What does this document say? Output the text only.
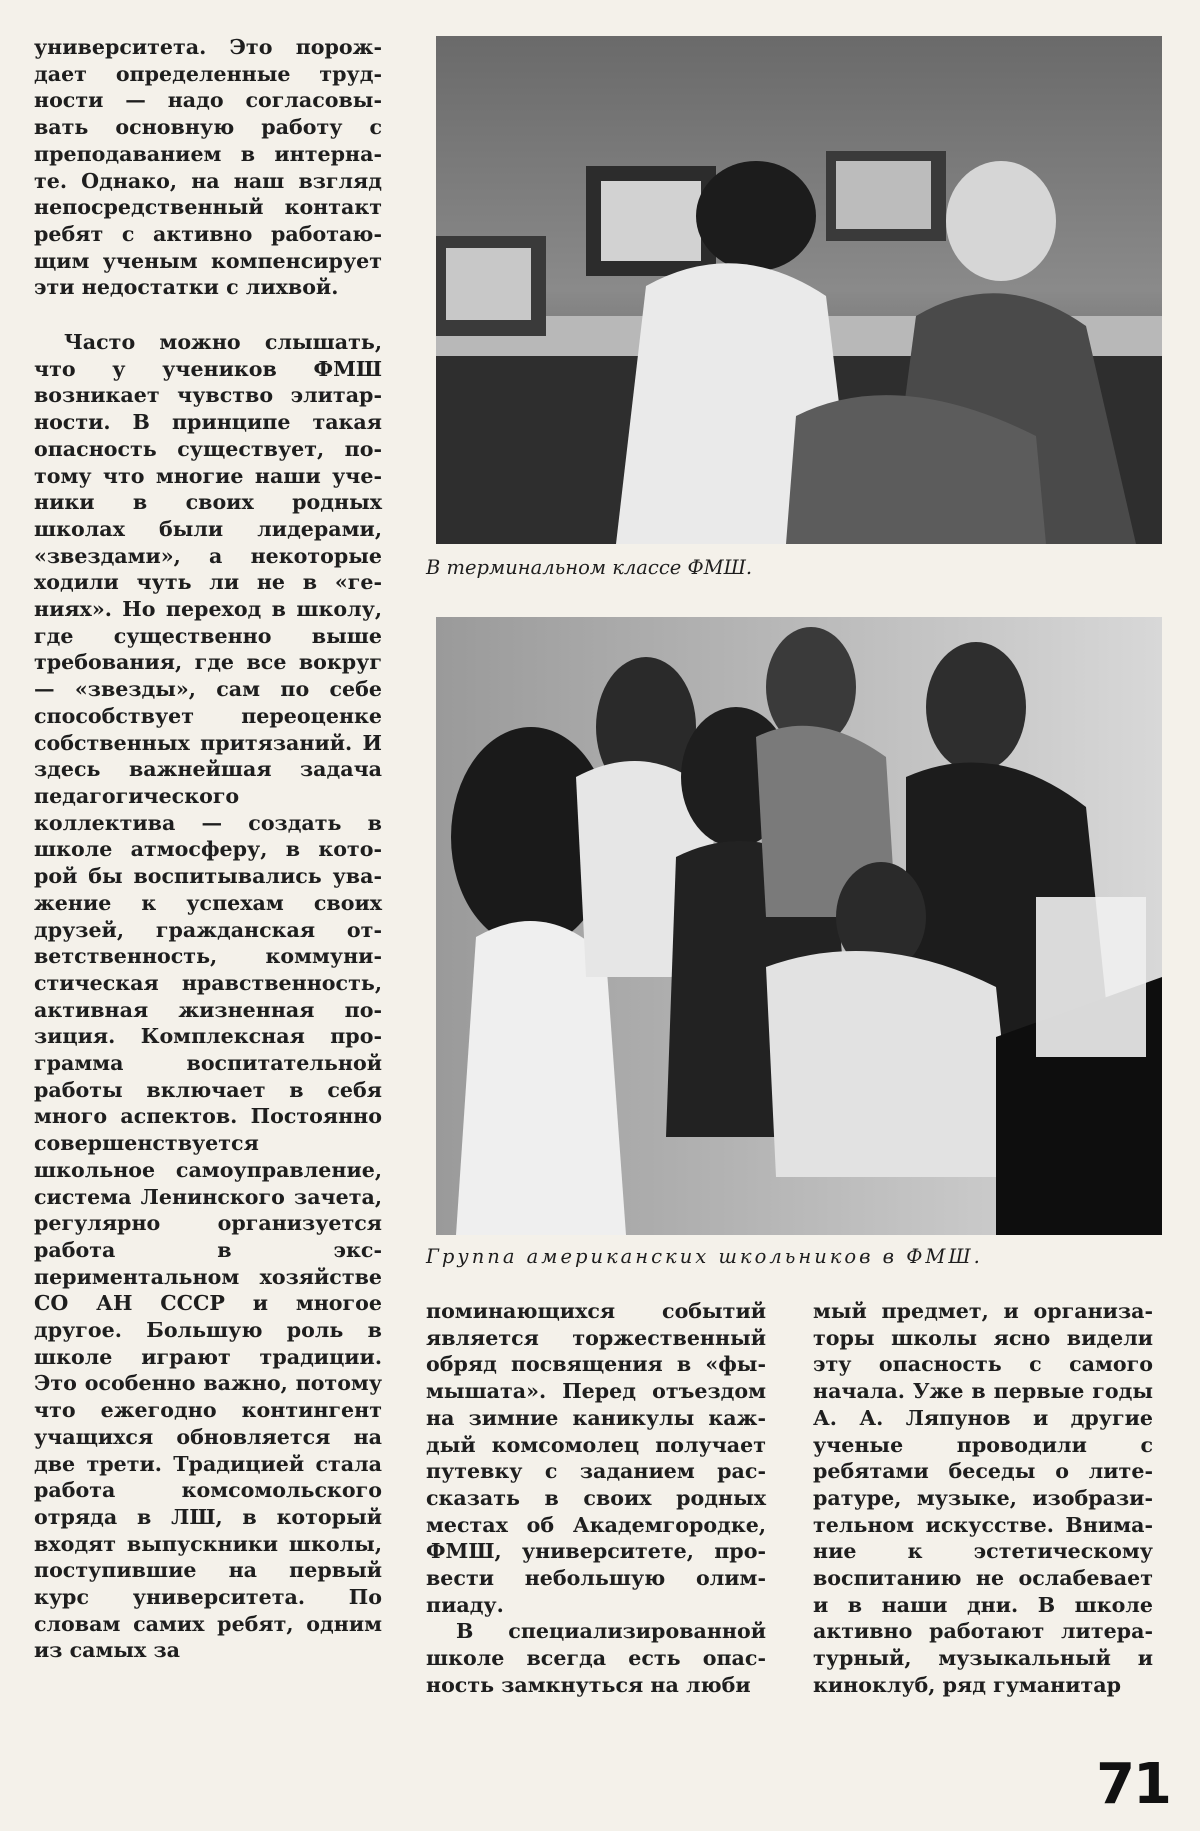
университета. Это порождает определенные трудности — надо согласовывать основную работу с преподаванием в интернате. Однако, на наш взгляд непосредственный контакт ребят с активно работающим ученым компенсирует эти недостатки с лихвой.

Часто можно слышать, что у учеников ФМШ возникает чувство элитарности. В принципе такая опасность существует, потому что многие наши ученики в своих родных школах были лидерами, «звездами», а некоторые ходили чуть ли не в «гениях». Но переход в школу, где существенно выше требования, где все вокруг — «звезды», сам по себе способствует переоценке собственных притязаний. И здесь важнейшая задача педагогического коллектива — создать в школе атмосферу, в которой бы воспитывались уважение к успехам своих друзей, гражданская ответственность, коммунистическая нравственность, активная жизненная позиция. Комплексная программа воспитательной работы включает в себя много аспектов. Постоянно совершенствуется школьное самоуправление, система Ленинского зачета, регулярно организуется работа в экспериментальном хозяйстве СО АН СССР и многое другое. Большую роль в школе играют традиции. Это особенно важно, потому что ежегодно контингент учащихся обновляется на две трети. Традицией стала работа комсомольского отряда в ЛШ, в который входят выпускники школы, поступившие на первый курс университета. По словам самих ребят, одним из самых за

В терминальном классе ФМШ.
Группа американских школьников в ФМШ.

поминающихся событий является торжественный обряд посвящения в «фымышата». Перед отъездом на зимние каникулы каждый комсомолец получает путевку с заданием рассказать в своих родных местах об Академгородке, ФМШ, университете, провести небольшую олимпиаду.

В специализированной школе всегда есть опасность замкнуться на люби

мый предмет, и организаторы школы ясно видели эту опасность с самого начала. Уже в первые годы А. А. Ляпунов и другие ученые проводили с ребятами беседы о литературе, музыке, изобразительном искусстве. Внимание к эстетическому воспитанию не ослабевает и в наши дни. В школе активно работают литературный, музыкальный и киноклуб, ряд гуманитар

71
